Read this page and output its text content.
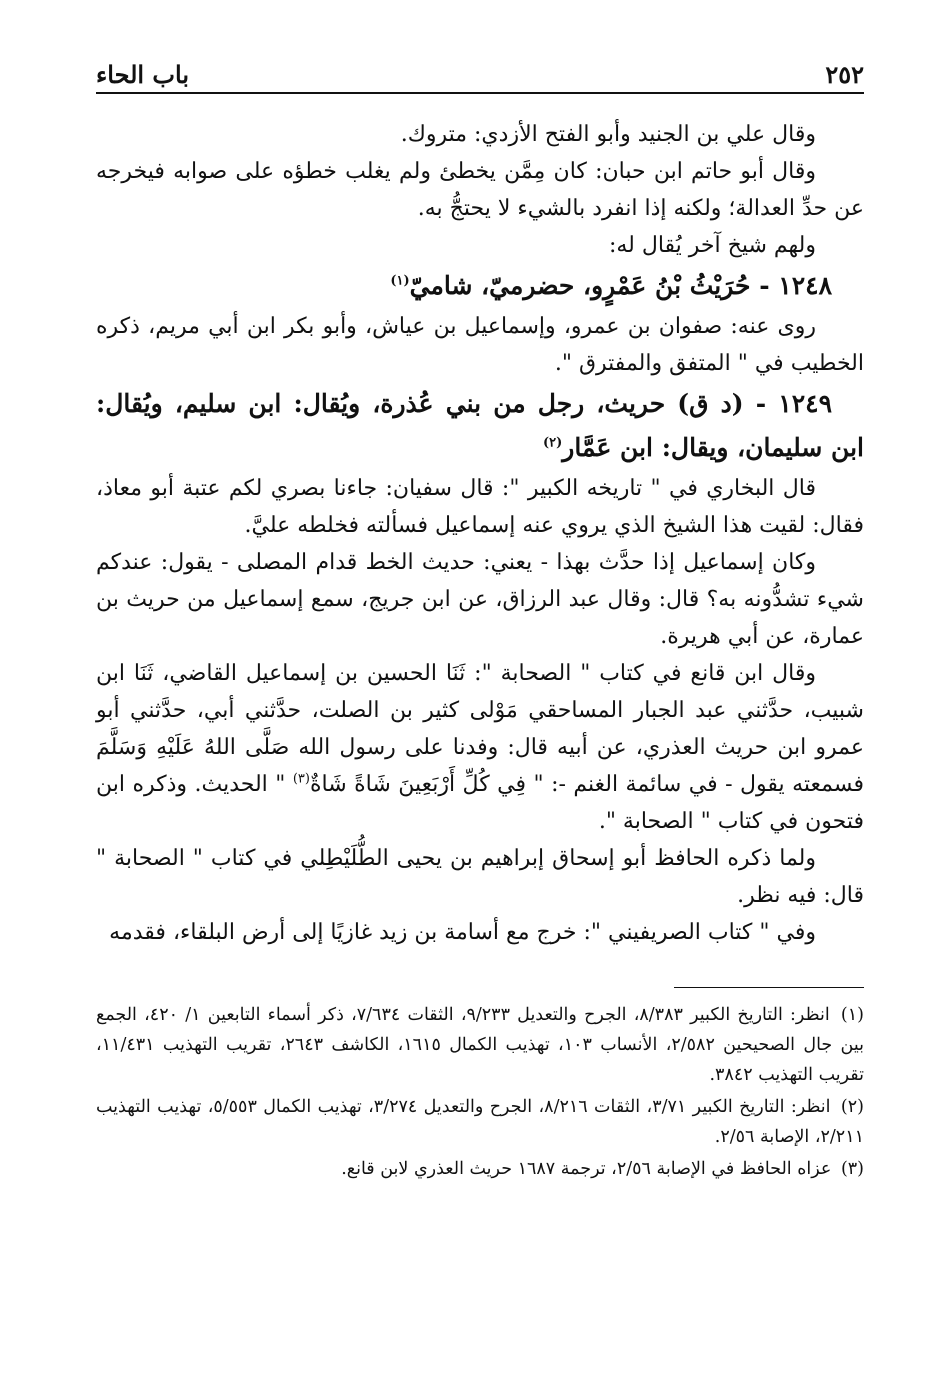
٢٥٢
باب الحاء

وقال علي بن الجنيد وأبو الفتح الأزدي: متروك.

وقال أبو حاتم ابن حبان: كان مِمَّن يخطئ ولم يغلب خطؤه على صوابه فيخرجه عن حدِّ العدالة؛ ولكنه إذا انفرد بالشيء لا يحتجُّ به.

ولهم شيخ آخر يُقال له:

١٢٤٨ - حُرَيْثُ بْنُ عَمْرٍو، حضرميّ، شاميّ$^{(١)}$

روى عنه: صفوان بن عمرو، وإسماعيل بن عياش، وأبو بكر ابن أبي مريم، ذكره الخطيب في " المتفق والمفترق ".

١٢٤٩ - (د ق) حريث، رجل من بني عُذرة، ويُقال: ابن سليم، ويُقال: ابن سليمان، ويقال: ابن عَمَّار$^{(٢)}$

قال البخاري في " تاريخه الكبير ": قال سفيان: جاءنا بصري لكم عتبة أبو معاذ، فقال: لقيت هذا الشيخ الذي يروي عنه إسماعيل فسألته فخلطه عليَّ.

وكان إسماعيل إذا حدَّث بهذا - يعني: حديث الخط قدام المصلى - يقول: عندكم شيء تشدُّونه به؟ قال: وقال عبد الرزاق، عن ابن جريج، سمع إسماعيل من حريث بن عمارة، عن أبي هريرة.

وقال ابن قانع في كتاب " الصحابة ": ثَنَا الحسين بن إسماعيل القاضي، ثَنَا ابن شبيب، حدَّثني عبد الجبار المساحقي مَوْلى كثير بن الصلت، حدَّثني أبي، حدَّثني أبو عمرو ابن حريث العذري، عن أبيه قال: وفدنا على رسول الله صَلَّى اللهُ عَلَيْهِ وَسَلَّمَ فسمعته يقول - في سائمة الغنم -: " فِي كُلِّ أَرْبَعِينَ شَاةً شَاةٌ$^{(٣)}$ " الحديث. وذكره ابن فتحون في كتاب " الصحابة ".

ولما ذكره الحافظ أبو إسحاق إبراهيم بن يحيى الطُّلَيْطِلي في كتاب " الصحابة " قال: فيه نظر.

وفي " كتاب الصريفيني ": خرج مع أسامة بن زيد غازيًا إلى أرض البلقاء، فقدمه

(١) انظر: التاريخ الكبير ٨/٣٨٣، الجرح والتعديل ٩/٢٣٣، الثقات ٧/٦٣٤، ذكر أسماء التابعين ١/ ٤٢٠، الجمع بين جال الصحيحين ٢/٥٨٢، الأنساب ١٠٣، تهذيب الكمال ١٦١٥، الكاشف ٢٦٤٣، تقريب التهذيب ١١/٤٣١، تقريب التهذيب ٣٨٤٢.

(٢) انظر: التاريخ الكبير ٣/٧١، الثقات ٨/٢١٦، الجرح والتعديل ٣/٢٧٤، تهذيب الكمال ٥/٥٥٣، تهذيب التهذيب ٢/٢١١، الإصابة ٢/٥٦.

(٣) عزاه الحافظ في الإصابة ٢/٥٦، ترجمة ١٦٨٧ حريث العذري لابن قانع.
